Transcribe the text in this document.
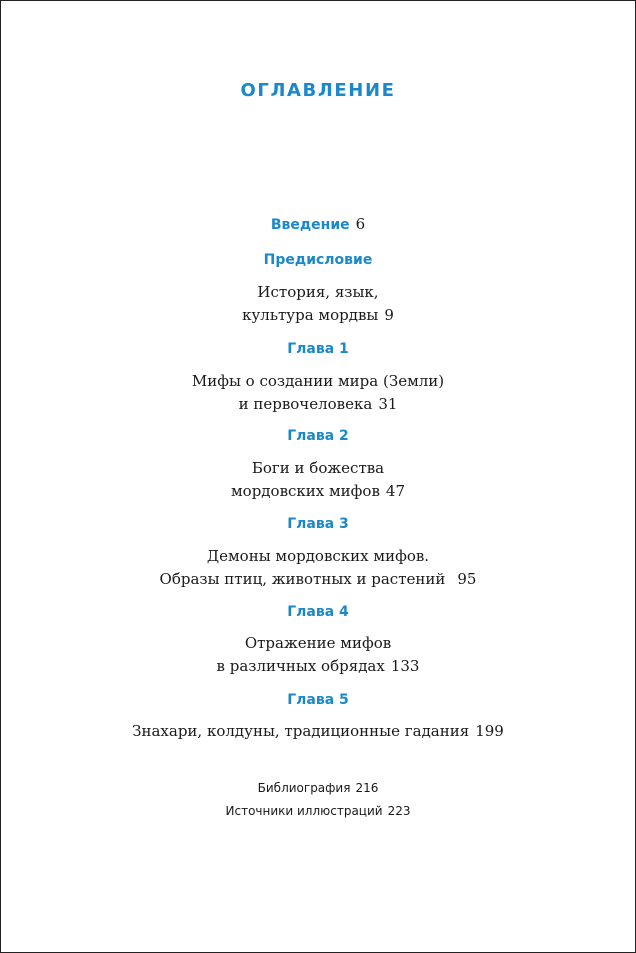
ОГЛАВЛЕНИЕ
Введение 6
Предисловие
История, язык,
культура мордвы 9
Глава 1
Мифы о создании мира (Земли)
и первочеловека 31
Глава 2
Боги и божества
мордовских мифов 47
Глава 3
Демоны мордовских мифов.
Образы птиц, животных и растений 95
Глава 4
Отражение мифов
в различных обрядах 133
Глава 5
Знахари, колдуны, традиционные гадания 199
Библиография 216
Источники иллюстраций 223
